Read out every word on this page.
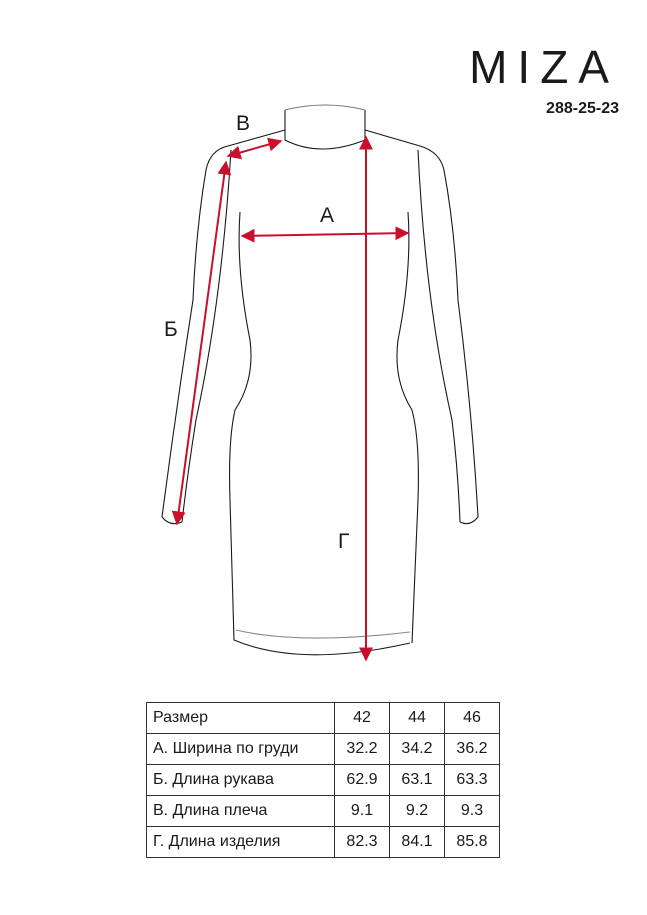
MIZA
288-25-23
А
Б
В
Г
Размер	42	44	46
А. Ширина по груди	32.2	34.2	36.2
Б. Длина рукава	62.9	63.1	63.3
В. Длина плеча	9.1	9.2	9.3
Г. Длина изделия	82.3	84.1	85.8
